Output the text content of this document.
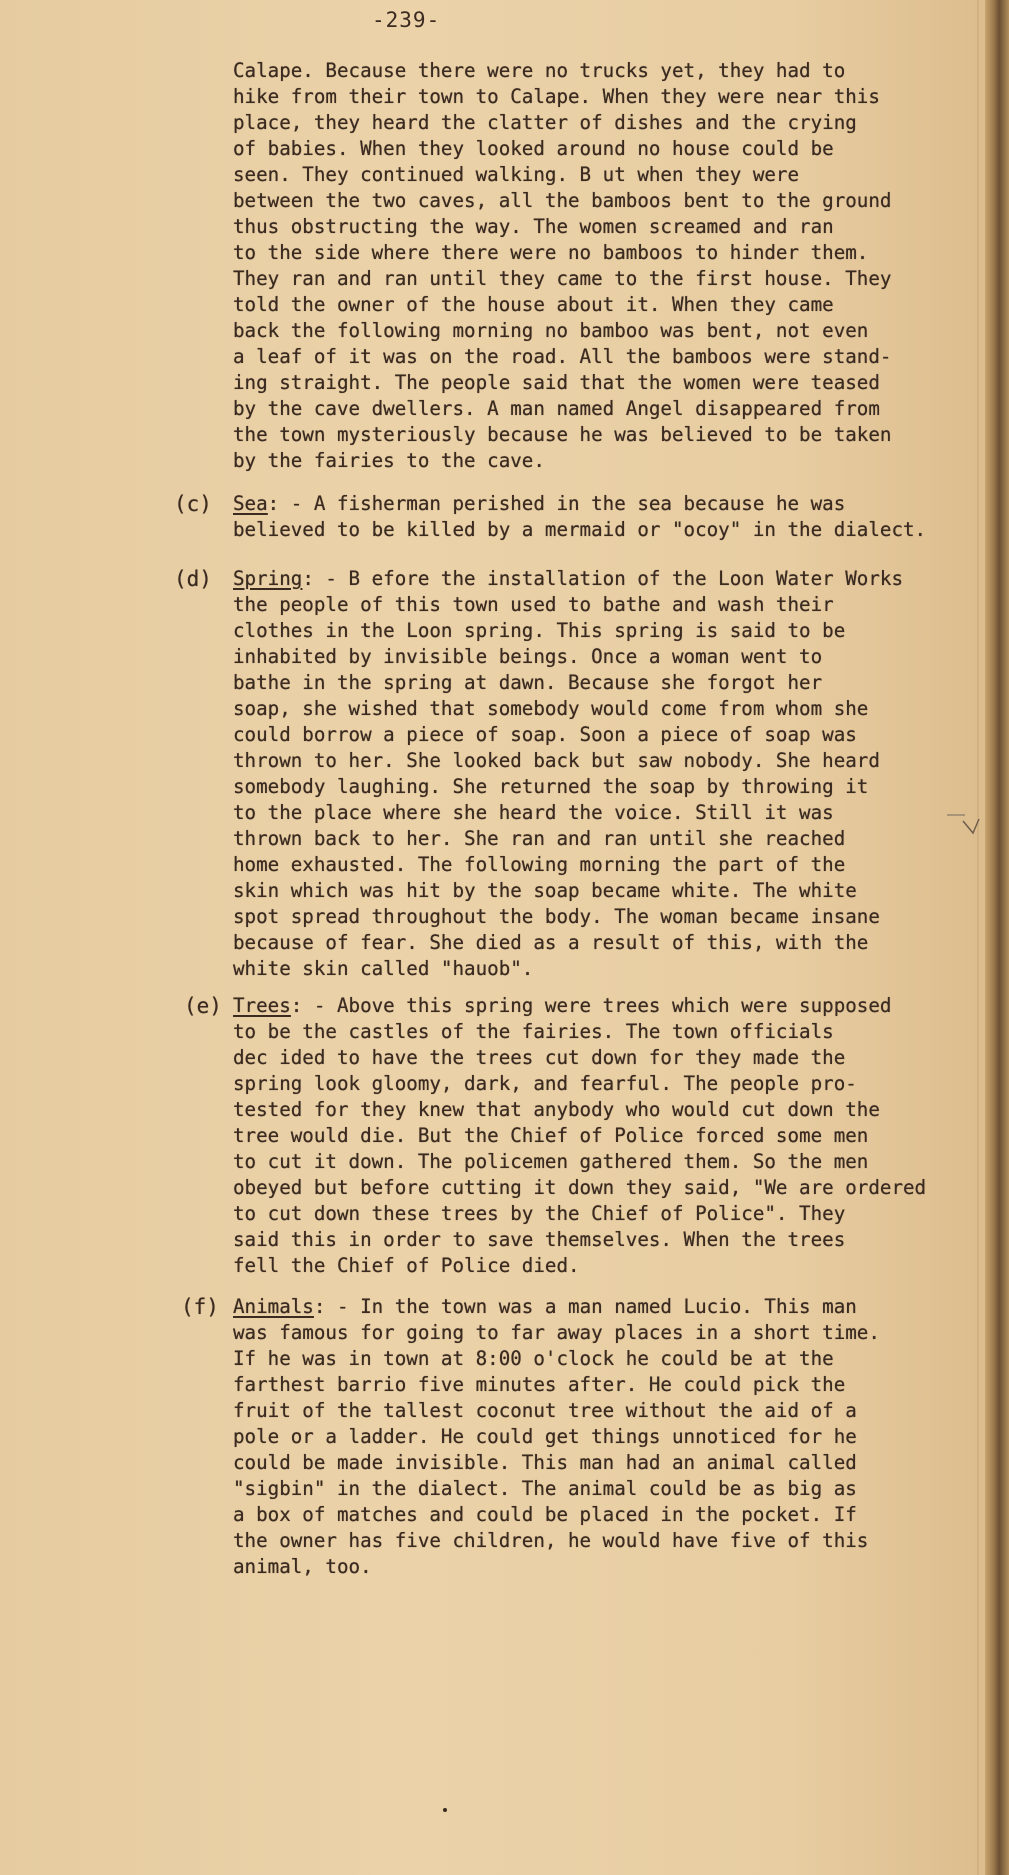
-239-
Calape. Because there were no trucks yet, they had to
hike from their town to Calape. When they were near this
place, they heard the clatter of dishes and the crying
of babies. When they looked around no house could be
seen. They continued walking. B ut when they were
between the two caves, all the bamboos bent to the ground
thus obstructing the way. The women screamed and ran
to the side where there were no bamboos to hinder them.
They ran and ran until they came to the first house. They
told the owner of the house about it. When they came
back the following morning no bamboo was bent, not even
a leaf of it was on the road. All the bamboos were stand-
ing straight. The people said that the women were teased
by the cave dwellers. A man named Angel disappeared from
the town mysteriously because he was believed to be taken
by the fairies to the cave.
(c) Sea: - A fisherman perished in the sea because he was
believed to be killed by a mermaid or "ocoy" in the dialect.
(d) Spring: - B efore the installation of the Loon Water Works
the people of this town used to bathe and wash their
clothes in the Loon spring. This spring is said to be
inhabited by invisible beings. Once a woman went to
bathe in the spring at dawn. Because she forgot her
soap, she wished that somebody would come from whom she
could borrow a piece of soap. Soon a piece of soap was
thrown to her. She looked back but saw nobody. She heard
somebody laughing. She returned the soap by throwing it
to the place where she heard the voice. Still it was
thrown back to her. She ran and ran until she reached
home exhausted. The following morning the part of the
skin which was hit by the soap became white. The white
spot spread throughout the body. The woman became insane
because of fear. She died as a result of this, with the
white skin called "hauob".
(e) Trees: - Above this spring were trees which were supposed
to be the castles of the fairies. The town officials
dec ided to have the trees cut down for they made the
spring look gloomy, dark, and fearful. The people pro-
tested for they knew that anybody who would cut down the
tree would die. But the Chief of Police forced some men
to cut it down. The policemen gathered them. So the men
obeyed but before cutting it down they said, "We are ordered
to cut down these trees by the Chief of Police". They
said this in order to save themselves. When the trees
fell the Chief of Police died.
(f) Animals: - In the town was a man named Lucio. This man
was famous for going to far away places in a short time.
If he was in town at 8:00 o'clock he could be at the
farthest barrio five minutes after. He could pick the
fruit of the tallest coconut tree without the aid of a
pole or a ladder. He could get things unnoticed for he
could be made invisible. This man had an animal called
"sigbin" in the dialect. The animal could be as big as
a box of matches and could be placed in the pocket. If
the owner has five children, he would have five of this
animal, too.
